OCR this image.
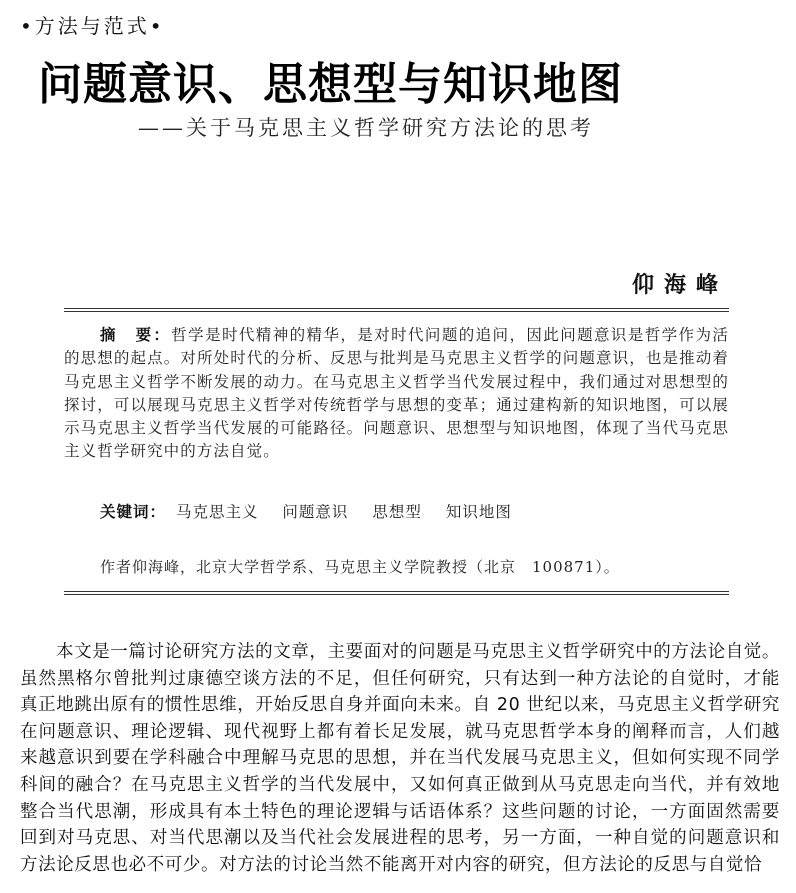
•方法与范式•
问题意识、思想型与知识地图
——关于马克思主义哲学研究方法论的思考
仰海峰

摘　要：哲学是时代精神的精华，是对时代问题的追问，因此问题意识是哲学作为活的思想的起点。对所处时代的分析、反思与批判是马克思主义哲学的问题意识，也是推动着马克思主义哲学不断发展的动力。在马克思主义哲学当代发展过程中，我们通过对思想型的探讨，可以展现马克思主义哲学对传统哲学与思想的变革；通过建构新的知识地图，可以展示马克思主义哲学当代发展的可能路径。问题意识、思想型与知识地图，体现了当代马克思主义哲学研究中的方法自觉。

关键词： 马克思主义 问题意识 思想型 知识地图
作者仰海峰，北京大学哲学系、马克思主义学院教授（北京　100871）。

本文是一篇讨论研究方法的文章，主要面对的问题是马克思主义哲学研究中的方法论自觉。虽然黑格尔曾批判过康德空谈方法的不足，但任何研究，只有达到一种方法论的自觉时，才能真正地跳出原有的惯性思维，开始反思自身并面向未来。自 20 世纪以来，马克思主义哲学研究在问题意识、理论逻辑、现代视野上都有着长足发展，就马克思哲学本身的阐释而言，人们越来越意识到要在学科融合中理解马克思的思想，并在当代发展马克思主义，但如何实现不同学科间的融合？在马克思主义哲学的当代发展中，又如何真正做到从马克思走向当代，并有效地整合当代思潮，形成具有本土特色的理论逻辑与话语体系？这些问题的讨论，一方面固然需要回到对马克思、对当代思潮以及当代社会发展进程的思考，另一方面，一种自觉的问题意识和方法论反思也必不可少。对方法的讨论当然不能离开对内容的研究，但方法论的反思与自觉恰
